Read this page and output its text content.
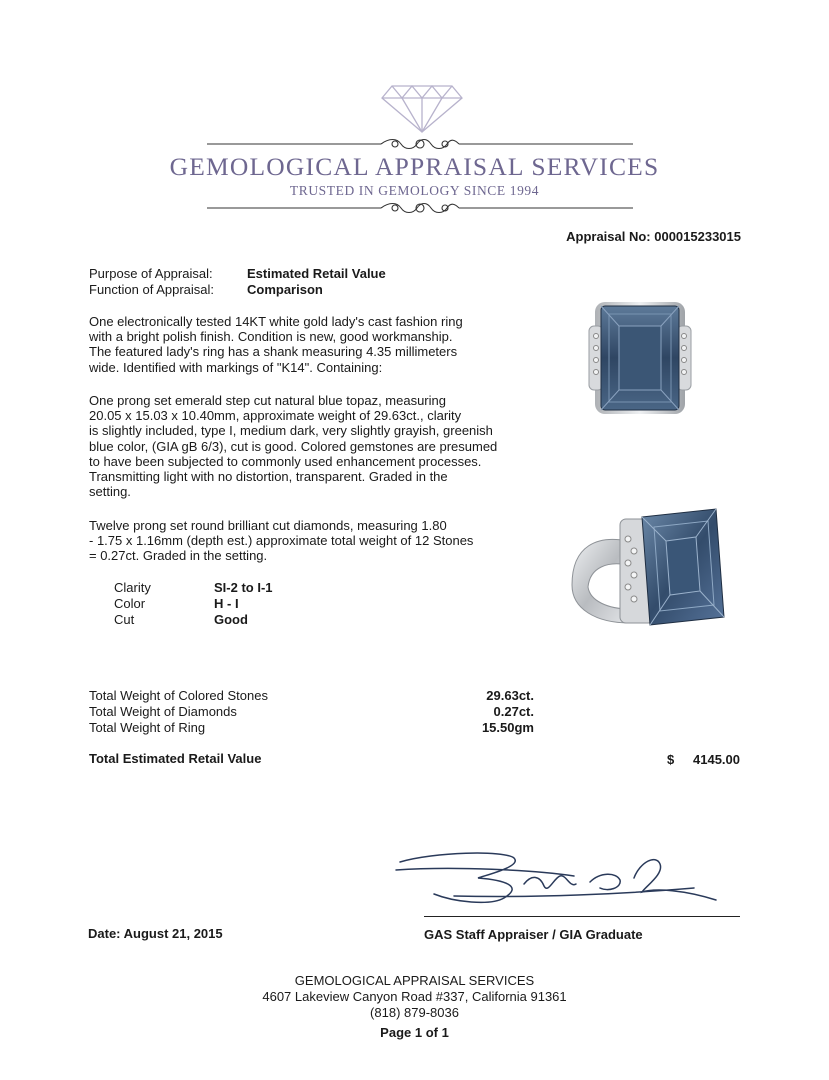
GEMOLOGICAL APPRAISAL SERVICES
TRUSTED IN GEMOLOGY SINCE 1994
Appraisal No: 000015233015
Purpose of Appraisal:	Estimated Retail Value
Function of Appraisal:	Comparison
One electronically tested 14KT white gold lady's cast fashion ring
with a bright polish finish. Condition is new, good workmanship.
The featured lady's ring has a shank measuring 4.35 millimeters
wide. Identified with markings of "K14". Containing:
One prong set emerald step cut natural blue topaz, measuring
20.05 x 15.03 x 10.40mm, approximate weight of 29.63ct., clarity
is slightly included, type I, medium dark, very slightly grayish, greenish
blue color, (GIA gB 6/3), cut is good. Colored gemstones are presumed
to have been subjected to commonly used enhancement processes.
Transmitting light with no distortion, transparent. Graded in the
setting.
Twelve prong set round brilliant cut diamonds, measuring 1.80
- 1.75 x 1.16mm (depth est.) approximate total weight of 12 Stones
= 0.27ct. Graded in the setting.
Clarity	SI-2 to I-1
Color	H - I
Cut	Good
Total Weight of Colored Stones	29.63ct.
Total Weight of Diamonds	0.27ct.
Total Weight of Ring	15.50gm
Total Estimated Retail Value	$	4145.00
Date: August 21, 2015	GAS Staff Appraiser / GIA Graduate
GEMOLOGICAL APPRAISAL SERVICES
4607 Lakeview Canyon Road #337, California 91361
(818) 879-8036
Page 1 of 1
